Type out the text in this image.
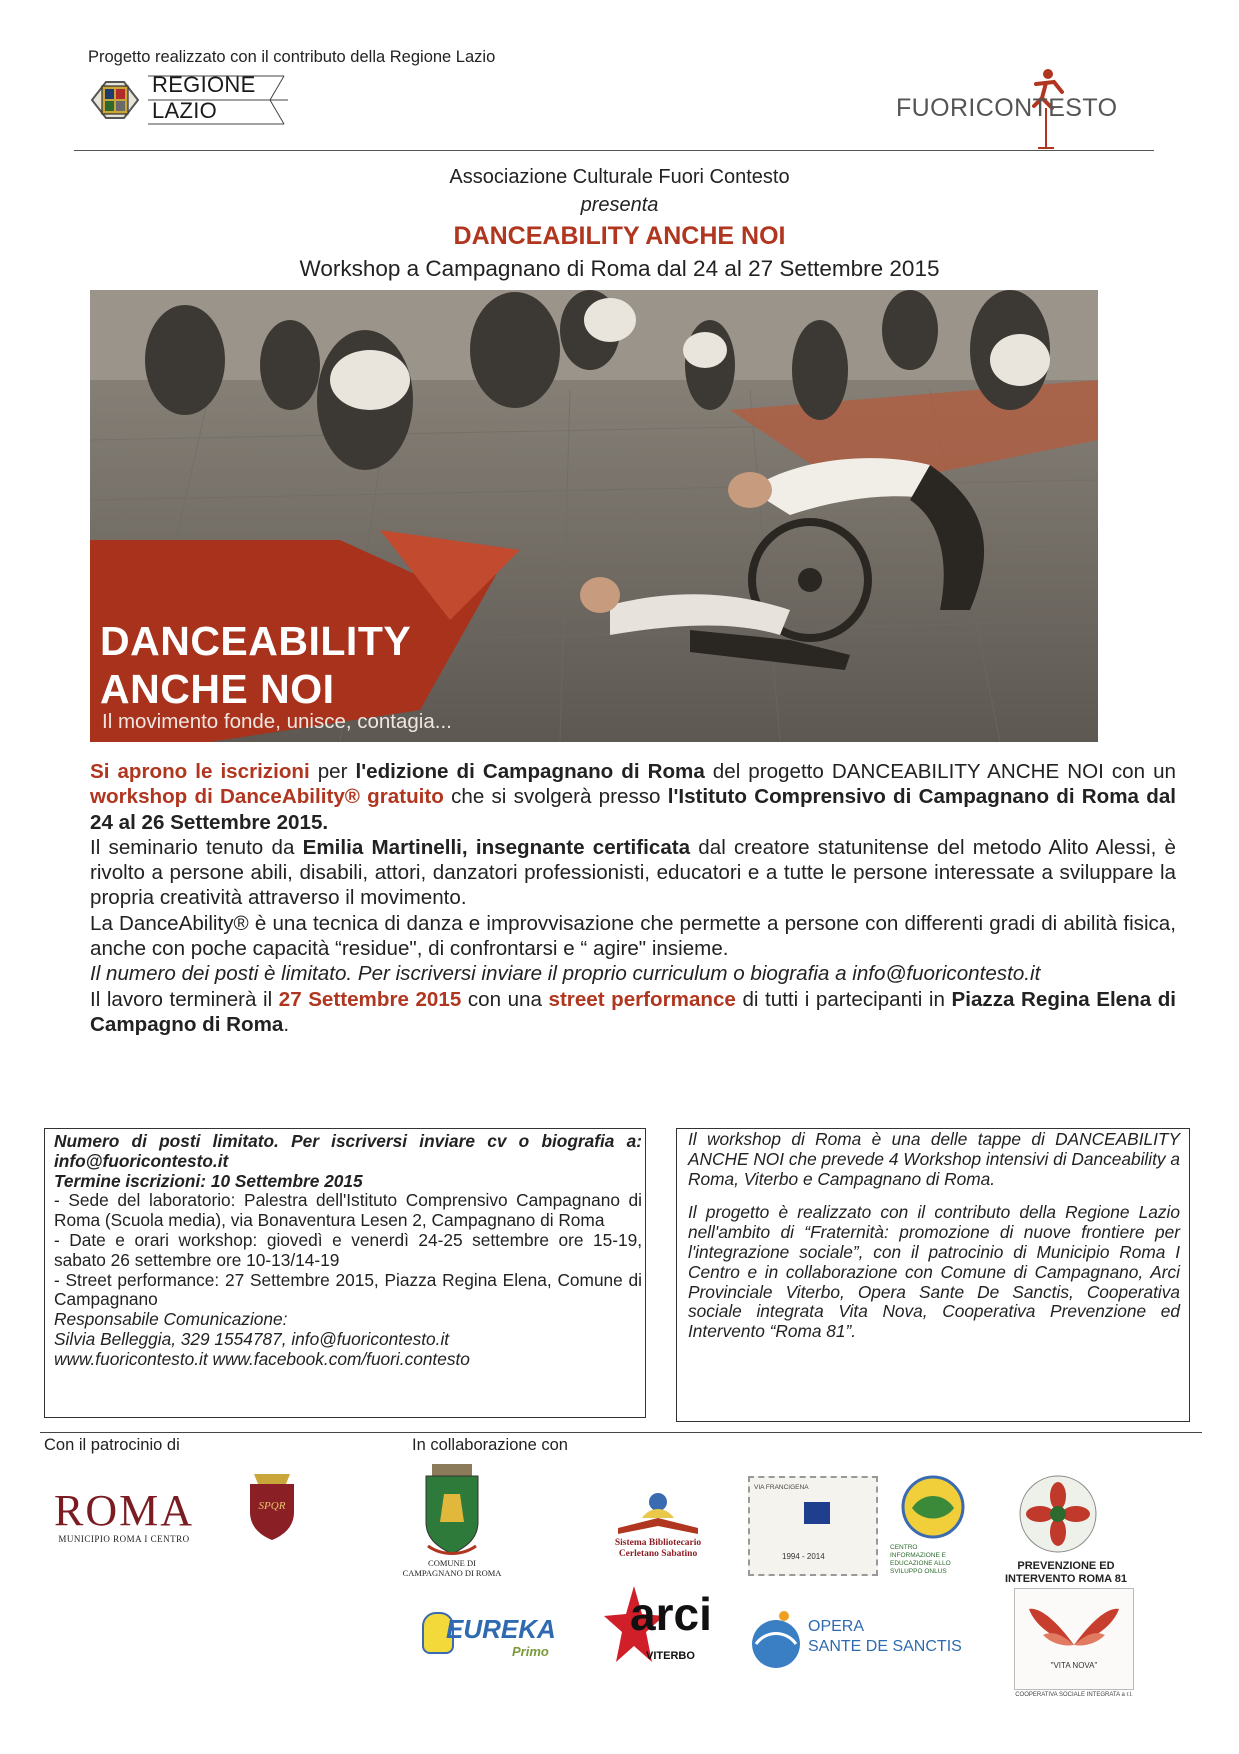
Progetto realizzato con il contributo della Regione Lazio
REGIONE
LAZIO	FUORICONTESTO
Associazione Culturale Fuori Contesto
presenta
DANCEABILITY ANCHE NOI
Workshop a Campagnano di Roma dal 24 al 27 Settembre 2015
DANCEABILITY
ANCHE NOI
Il movimento fonde, unisce, contagia...

Si aprono le iscrizioni per l'edizione di Campagnano di Roma del progetto DANCEABILITY ANCHE NOI con un workshop di DanceAbility® gratuito che si svolgerà presso l'Istituto Comprensivo di Campagnano di Roma dal 24 al 26 Settembre 2015.

Il seminario tenuto da Emilia Martinelli, insegnante certificata dal creatore statunitense del metodo Alito Alessi, è rivolto a persone abili, disabili, attori, danzatori professionisti, educatori e a tutte le persone interessate a sviluppare la propria creatività attraverso il movimento.

La DanceAbility® è una tecnica di danza e improvvisazione che permette a persone con differenti gradi di abilità fisica, anche con poche capacità “residue", di confrontarsi e “ agire" insieme.

Il numero dei posti è limitato. Per iscriversi inviare il proprio curriculum o biografia a info@fuoricontesto.it

Il lavoro terminerà il 27 Settembre 2015 con una street performance di tutti i partecipanti in Piazza Regina Elena di Campagno di Roma.

Numero di posti limitato. Per iscriversi inviare cv o biografia a: info@fuoricontesto.it

Termine iscrizioni: 10 Settembre 2015

- Sede del laboratorio: Palestra dell'Istituto Comprensivo Campagnano di Roma (Scuola media), via Bonaventura Lesen 2, Campagnano di Roma

- Date e orari workshop: giovedì e venerdì 24-25 settembre ore 15-19, sabato 26 settembre ore 10-13/14-19

- Street performance: 27 Settembre 2015, Piazza Regina Elena, Comune di Campagnano

Responsabile Comunicazione:

Silvia Belleggia, 329 1554787, info@fuoricontesto.it

www.fuoricontesto.it www.facebook.com/fuori.contesto

Il workshop di Roma è una delle tappe di DANCEABILITY ANCHE NOI che prevede 4 Workshop intensivi di Danceability a Roma, Viterbo e Campagnano di Roma.

Il progetto è realizzato con il contributo della Regione Lazio nell'ambito di “Fraternità: promozione di nuove frontiere per l'integrazione sociale”, con il patrocinio di Municipio Roma I Centro e in collaborazione con Comune di Campagnano, Arci Provinciale Viterbo, Opera Sante De Sanctis, Cooperativa sociale integrata Vita Nova, Cooperativa Prevenzione ed Intervento “Roma 81”.

Con il patrocinio di	In collaborazione con
ROMA
MUNICIPIO ROMA I CENTRO
SPQR
COMUNE DI
CAMPAGNANO DI ROMA
Sistema Bibliotecario
Cerletano Sabatino
VIA FRANCIGENA
1994 - 2014
CENTRO
INFORMAZIONE E
EDUCAZIONE ALLO
SVILUPPO ONLUS	PREVENZIONE ED
INTERVENTO ROMA 81
EUREKA
Primo
arci
VITERBO
OPERA
SANTE DE SANCTIS
"VITA NOVA"
COOPERATIVA SOCIALE INTEGRATA a r.l.
